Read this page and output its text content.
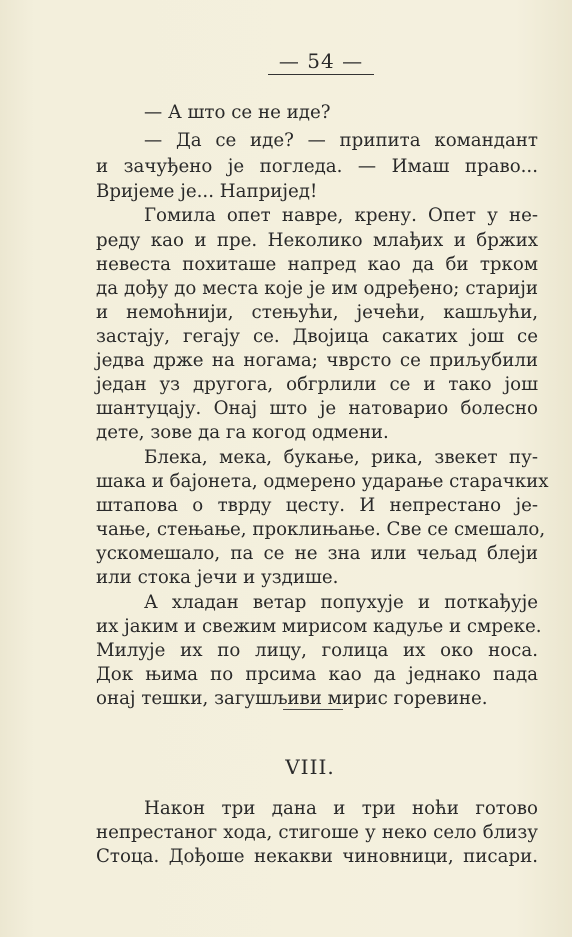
— 54 —
— А што се не иде?
— Да се иде? — припита командант
и зачуђено је погледа. — Имаш право...
Вријеме је... Напријед!
Гомила опет навре, крену. Опет у не-
реду као и пре. Неколико млађих и бржих
невеста похиташе напред као да би трком
да дођу до места које је им одређено; старији
и немоћнији, стењући, јечећи, кашљући,
застају, гегају се. Двојица сакатих још се
једва држе на ногама; чврсто се приљубили
један уз другога, обгрлили се и тако још
шантуцају. Онај што је натоварио болесно
дете, зове да га когод одмени.
Блека, мека, букање, рика, звекет пу-
шака и бајонета, одмерено ударање старачких
штапова о тврду цесту. И непрестано је-
чање, стењање, проклињање. Све се смешало,
ускомешало, па се не зна или чељад блеји
или стока јечи и уздише.
А хладан ветар попухује и поткађује
их јаким и свежим мирисом кадуље и смреке.
Милује их по лицу, голица их око носа.
Док њима по прсима као да једнако пада
онај тешки, загушљиви мирис горевине.
VIII.
Након три дана и три ноћи готово
непрестаног хода, стигоше у неко село близу
Стоца. Дођоше некакви чиновници, писари.
